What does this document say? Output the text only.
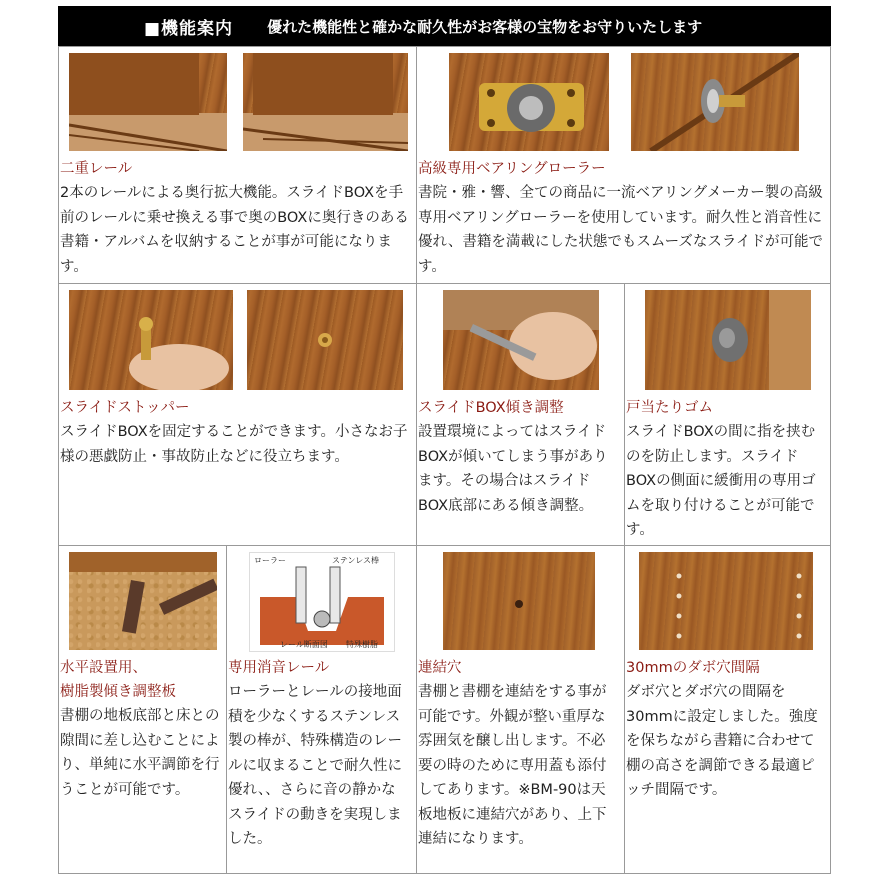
■機能案内 優れた機能性と確かな耐久性がお客様の宝物をお守りいたします
二重レール
2本のレールによる奥行拡大機能。スライドBOXを手前のレールに乗せ換える事で奥のBOXに奥行きのある書籍・アルバムを収納することが事が可能になります。
高級専用ベアリングローラー
書院・雅・響、全ての商品に一流ベアリングメーカー製の高級専用ベアリングローラーを使用しています。耐久性と消音性に優れ、書籍を満載にした状態でもスムーズなスライドが可能です。
スライドストッパー
スライドBOXを固定することができます。小さなお子様の悪戯防止・事故防止などに役立ちます。
スライドBOX傾き調整
設置環境によってはスライドBOXが傾いてしまう事があります。その場合はスライドBOX底部にある傾き調整。
戸当たりゴム
スライドBOXの間に指を挟むのを防止します。スライドBOXの側面に緩衝用の専用ゴムを取り付けることが可能です。
水平設置用、
樹脂製傾き調整板
書棚の地板底部と床との隙間に差し込むことにより、単純に水平調節を行うことが可能です。
ローラー	ステンレス棒
レール断面図 特殊樹脂
専用消音レール
ローラーとレールの接地面積を少なくするステンレス製の棒が、特殊構造のレールに収まることで耐久性に優れ、、さらに音の静かなスライドの動きを実現しました。
連結穴
書棚と書棚を連結をする事が可能です。外観が整い重厚な雰囲気を醸し出します。不必要の時のために専用蓋も添付してあります。※BM-90は天板地板に連結穴があり、上下連結になります。
30mmのダボ穴間隔
ダボ穴とダボ穴の間隔を30mmに設定しました。強度を保ちながら書籍に合わせて棚の高さを調節できる最適ピッチ間隔です。
